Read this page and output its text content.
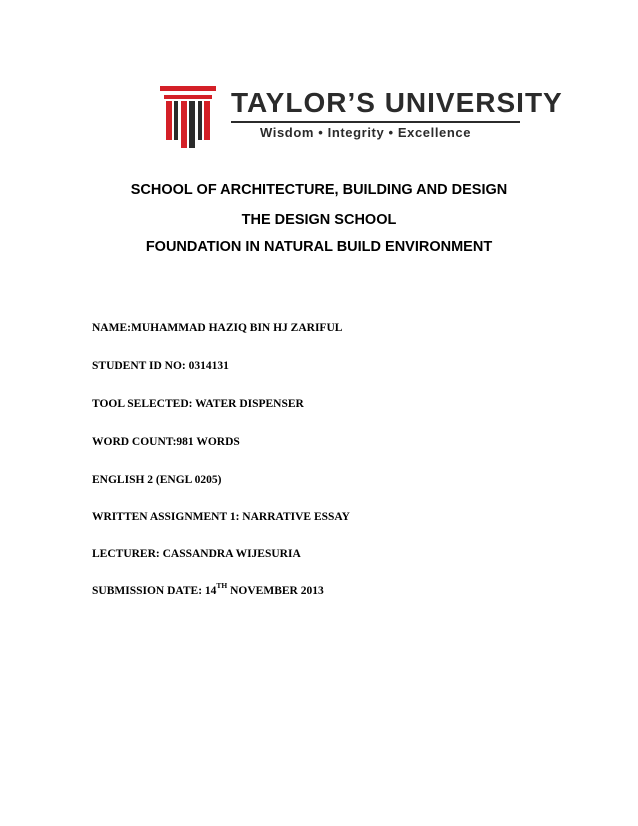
TAYLOR’S UNIVERSITY
Wisdom • Integrity • Excellence
SCHOOL OF ARCHITECTURE, BUILDING AND DESIGN
THE DESIGN SCHOOL
FOUNDATION IN NATURAL BUILD ENVIRONMENT
NAME:MUHAMMAD HAZIQ BIN HJ ZARIFUL
STUDENT ID NO: 0314131
TOOL SELECTED: WATER DISPENSER
WORD COUNT:981 WORDS
ENGLISH 2 (ENGL 0205)
WRITTEN ASSIGNMENT 1: NARRATIVE ESSAY
LECTURER: CASSANDRA WIJESURIA
SUBMISSION DATE: 14TH NOVEMBER 2013
